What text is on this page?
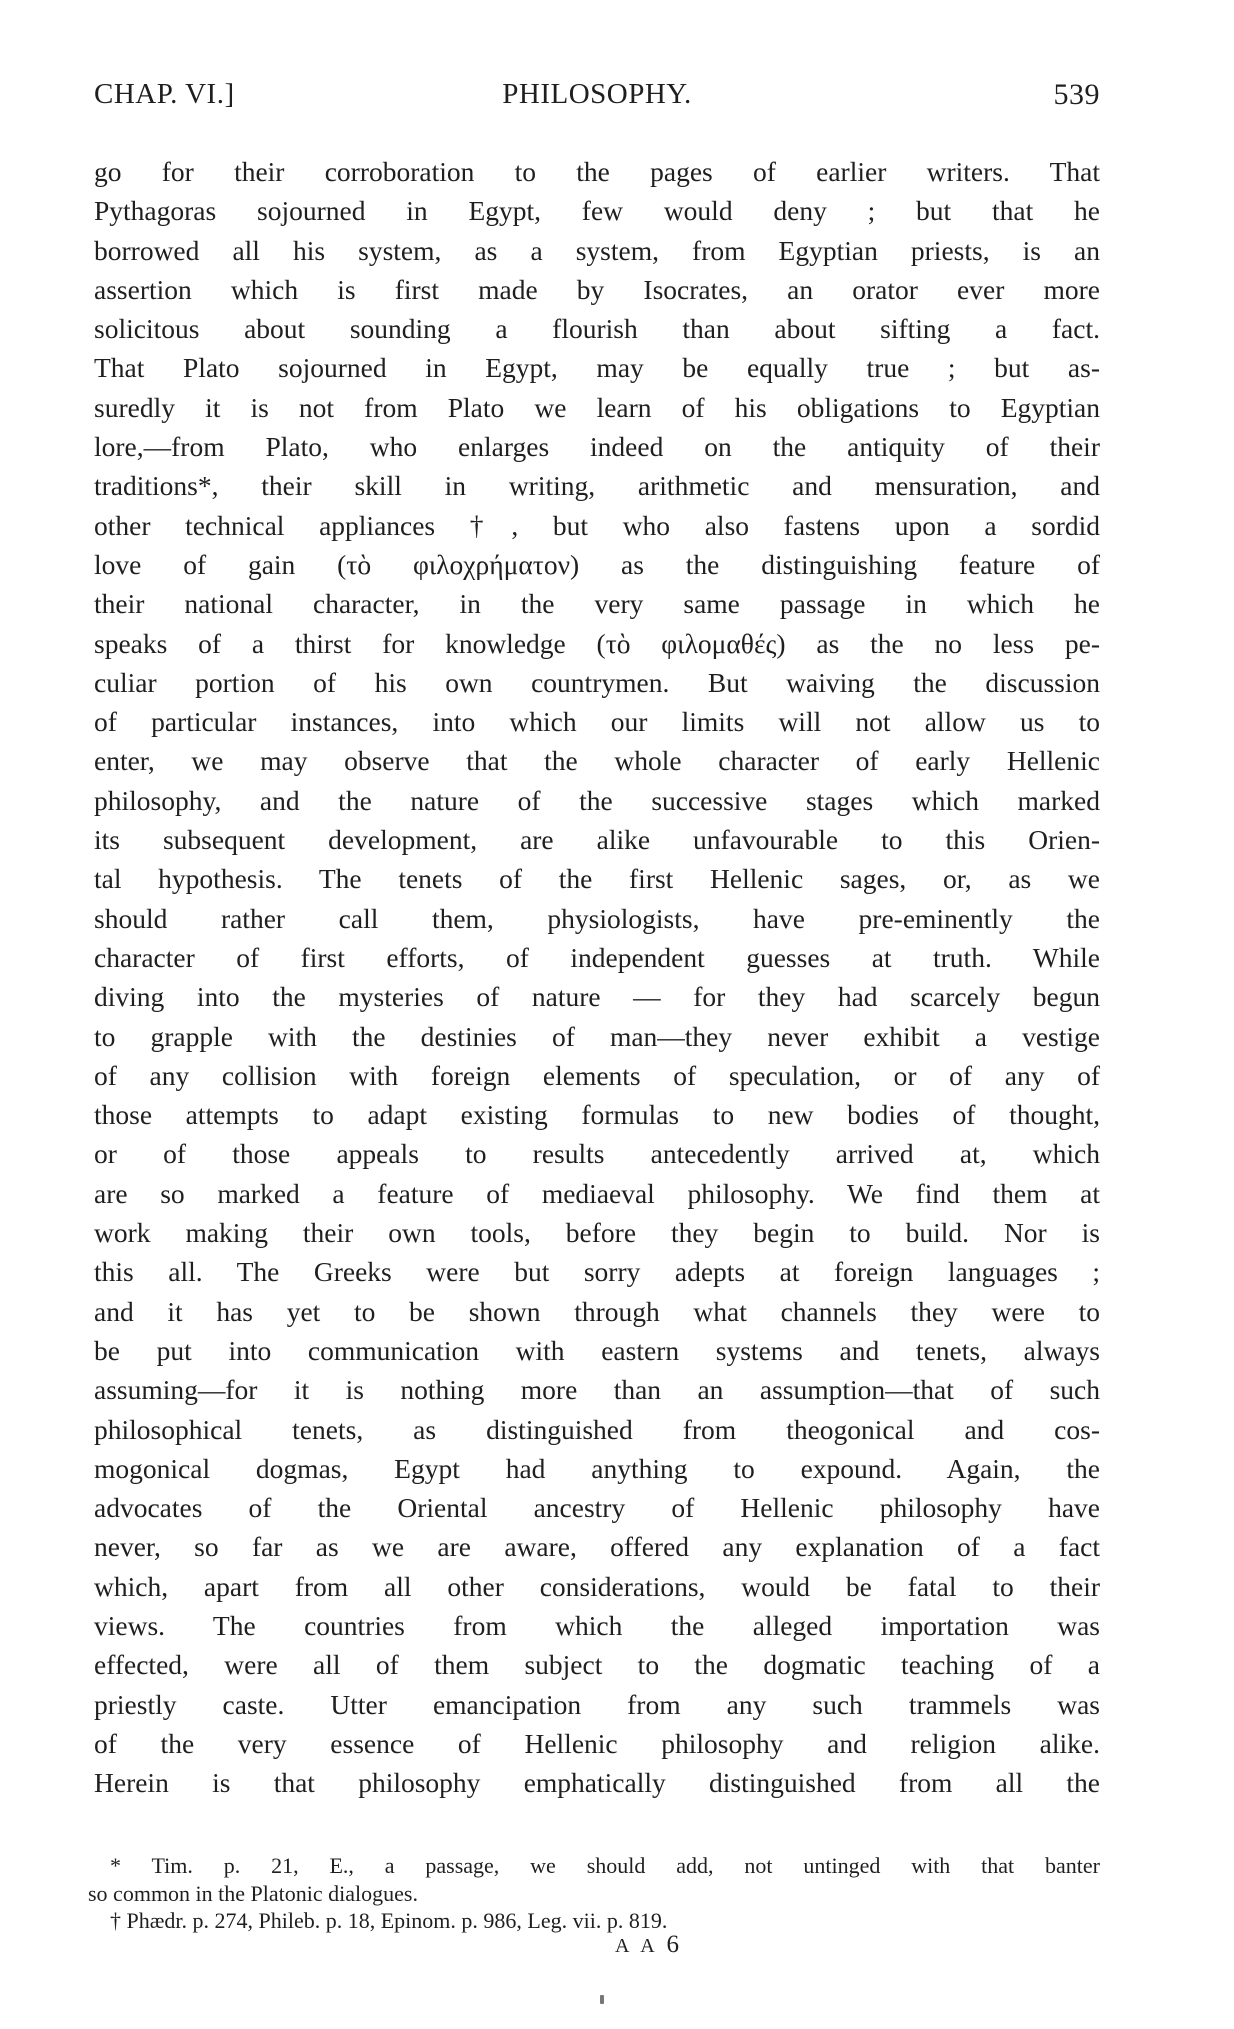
CHAP. VI.]	PHILOSOPHY.	539
go for their corroboration to the pages of earlier writers. That
Pythagoras sojourned in Egypt, few would deny ; but that he
borrowed all his system, as a system, from Egyptian priests, is an
assertion which is first made by Isocrates, an orator ever more
solicitous about sounding a flourish than about sifting a fact.
That Plato sojourned in Egypt, may be equally true ; but as-
suredly it is not from Plato we learn of his obligations to Egyptian
lore,—from Plato, who enlarges indeed on the antiquity of their
traditions*, their skill in writing, arithmetic and mensuration, and
other technical appliances †, but who also fastens upon a sordid
love of gain (τὸ φιλοχρήματον) as the distinguishing feature of
their national character, in the very same passage in which he
speaks of a thirst for knowledge (τὸ φιλομαθές) as the no less pe-
culiar portion of his own countrymen. But waiving the discussion
of particular instances, into which our limits will not allow us to
enter, we may observe that the whole character of early Hellenic
philosophy, and the nature of the successive stages which marked
its subsequent development, are alike unfavourable to this Orien-
tal hypothesis. The tenets of the first Hellenic sages, or, as we
should rather call them, physiologists, have pre-eminently the
character of first efforts, of independent guesses at truth. While
diving into the mysteries of nature — for they had scarcely begun
to grapple with the destinies of man—they never exhibit a vestige
of any collision with foreign elements of speculation, or of any of
those attempts to adapt existing formulas to new bodies of thought,
or of those appeals to results antecedently arrived at, which
are so marked a feature of mediaeval philosophy. We find them at
work making their own tools, before they begin to build. Nor is
this all. The Greeks were but sorry adepts at foreign languages ;
and it has yet to be shown through what channels they were to
be put into communication with eastern systems and tenets, always
assuming—for it is nothing more than an assumption—that of such
philosophical tenets, as distinguished from theogonical and cos-
mogonical dogmas, Egypt had anything to expound. Again, the
advocates of the Oriental ancestry of Hellenic philosophy have
never, so far as we are aware, offered any explanation of a fact
which, apart from all other considerations, would be fatal to their
views. The countries from which the alleged importation was
effected, were all of them subject to the dogmatic teaching of a
priestly caste. Utter emancipation from any such trammels was
of the very essence of Hellenic philosophy and religion alike.
Herein is that philosophy emphatically distinguished from all the
* Tim. p. 21, E., a passage, we should add, not untinged with that banter
so common in the Platonic dialogues.
† Phædr. p. 274, Phileb. p. 18, Epinom. p. 986, Leg. vii. p. 819.
A A 6
